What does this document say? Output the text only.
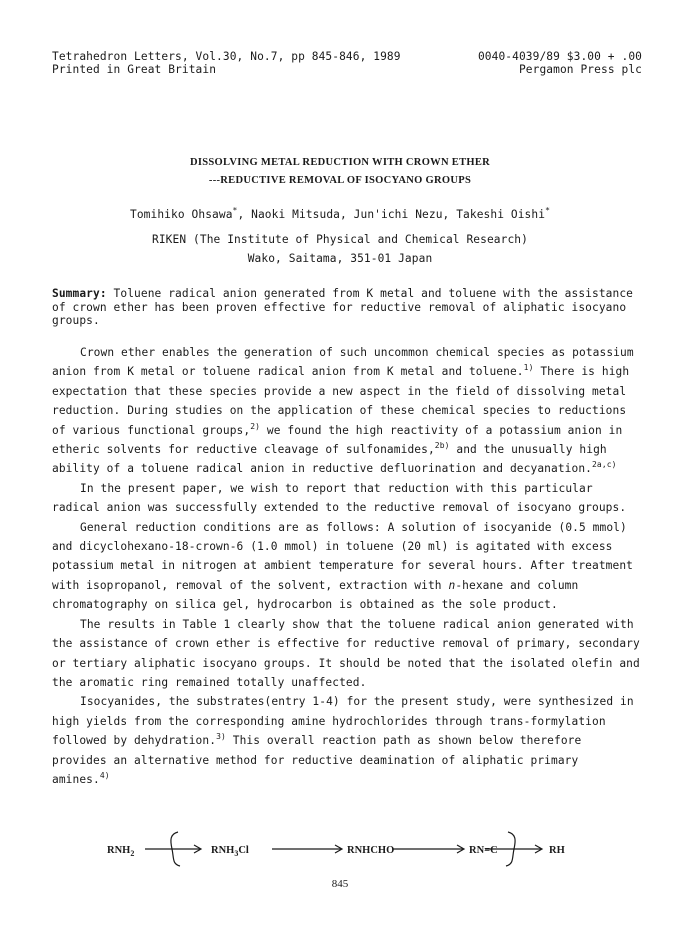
Tetrahedron Letters, Vol.30, No.7, pp 845-846, 1989	0040-4039/89 $3.00 + .00
Printed in Great Britain	Pergamon Press plc
DISSOLVING METAL REDUCTION WITH CROWN ETHER
---REDUCTIVE REMOVAL OF ISOCYANO GROUPS
Tomihiko Ohsawa*, Naoki Mitsuda, Jun'ichi Nezu, Takeshi Oishi*
RIKEN (The Institute of Physical and Chemical Research)
Wako, Saitama, 351-01 Japan
Summary: Toluene radical anion generated from K metal and toluene with the assistance of crown ether has been proven effective for reductive removal of aliphatic isocyano groups.

Crown ether enables the generation of such uncommon chemical species as potassium anion from K metal or toluene radical anion from K metal and toluene.$^{1)}$ There is high expectation that these species provide a new aspect in the field of dissolving metal reduction. During studies on the application of these chemical species to reductions of various functional groups,$^{2)}$ we found the high reactivity of a potassium anion in etheric solvents for reductive cleavage of sulfonamides,$^{2b)}$ and the unusually high ability of a toluene radical anion in reductive defluorination and decyanation.$^{2a,c)}$

In the present paper, we wish to report that reduction with this particular radical anion was successfully extended to the reductive removal of isocyano groups.

General reduction conditions are as follows: A solution of isocyanide (0.5 mmol) and dicyclohexano-18-crown-6 (1.0 mmol) in toluene (20 ml) is agitated with excess potassium metal in nitrogen at ambient temperature for several hours. After treatment with isopropanol, removal of the solvent, extraction with n-hexane and column chromatography on silica gel, hydrocarbon is obtained as the sole product.

The results in Table 1 clearly show that the toluene radical anion generated with the assistance of crown ether is effective for reductive removal of primary, secondary or tertiary aliphatic isocyano groups. It should be noted that the isolated olefin and the aromatic ring remained totally unaffected.

Isocyanides, the substrates(entry 1-4) for the present study, were synthesized in high yields from the corresponding amine hydrochlorides through trans-formylation followed by dehydration.$^{3)}$ This overall reaction path as shown below therefore provides an alternative method for reductive deamination of aliphatic primary amines.$^{4)}$

$RNH_2$	$RNH_3Cl$	RNHCHO	RN=C	RH
845
